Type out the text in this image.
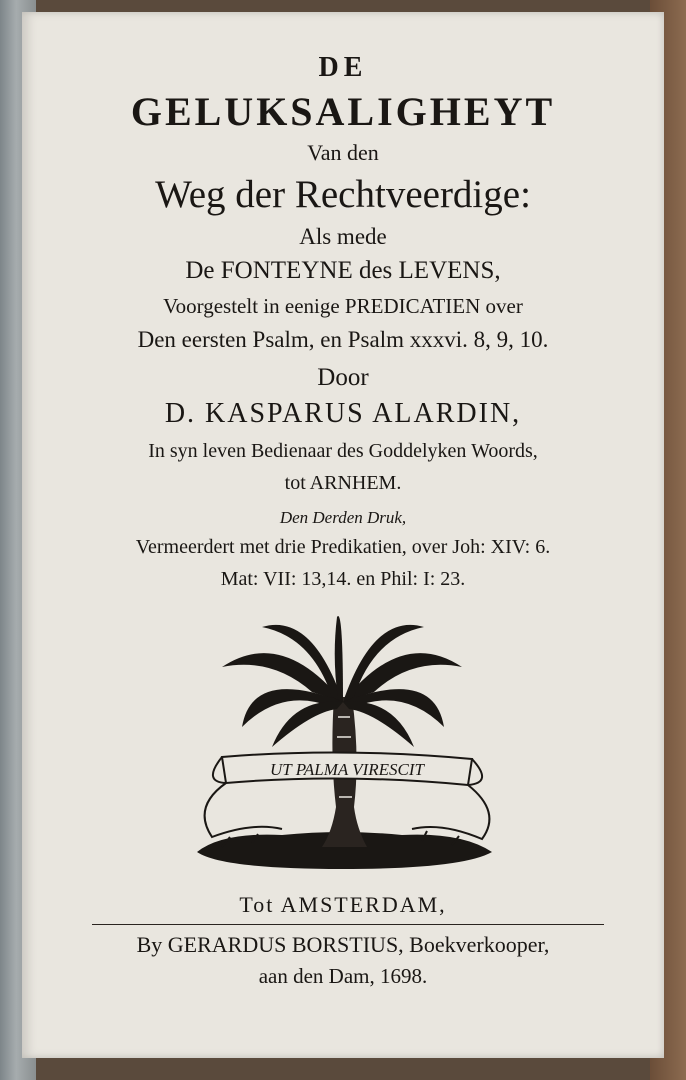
DE
GELUKSALIGHEYT
Van den
Weg der Rechtveerdige:
Als mede
De FONTEYNE des LEVENS,
Voorgestelt in eenige PREDICATIEN over
Den eersten Psalm, en Psalm xxxvi. 8, 9, 10.
Door
D. KASPARUS ALARDIN,
In syn leven Bedienaar des Goddelyken Woords,
tot ARNHEM.
Den Derden Druk,
Vermeerdert met drie Predikatien, over Joh: XIV: 6.
Mat: VII: 13,14. en Phil: I: 23.
UT PALMA VIRESCIT
Tot AMSTERDAM,
By GERARDUS BORSTIUS, Boekverkooper,
aan den Dam, 1698.
